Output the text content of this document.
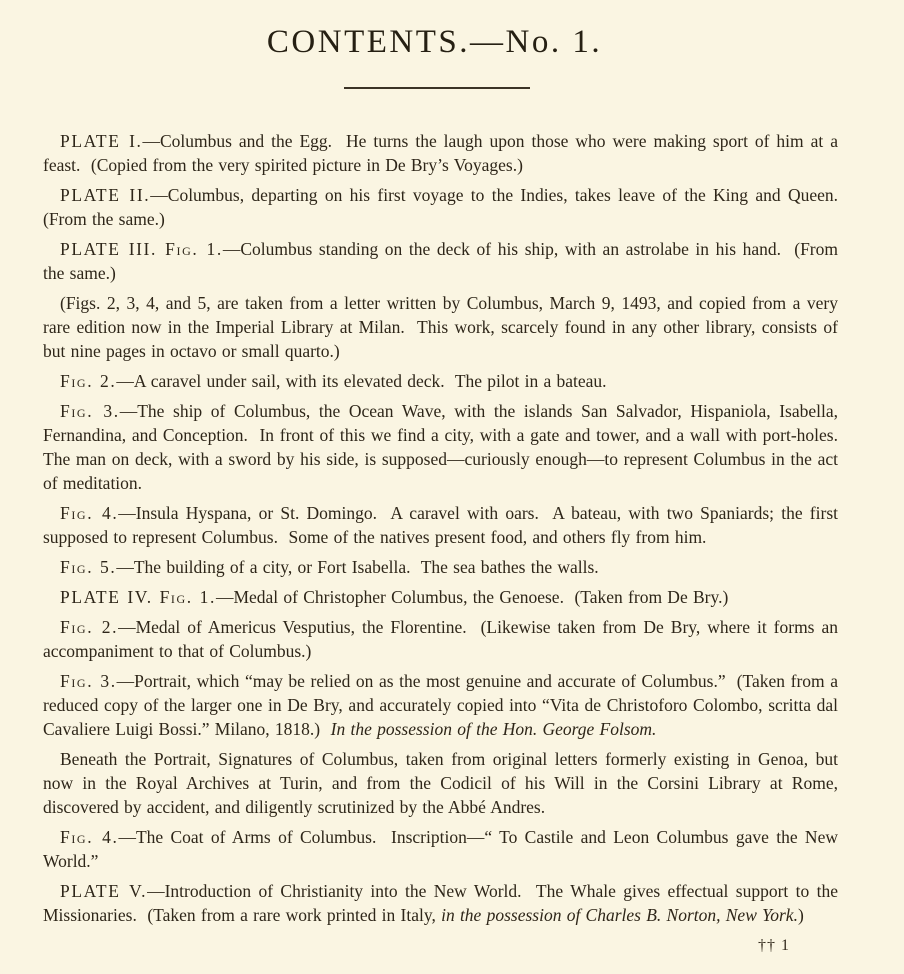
CONTENTS.—No. 1.

PLATE I.—Columbus and the Egg.  He turns the laugh upon those who were making sport of him at a feast.  (Copied from the very spirited picture in De Bry’s Voyages.)

PLATE II.—Columbus, departing on his first voyage to the Indies, takes leave of the King and Queen. (From the same.)

PLATE III. Fig. 1.—Columbus standing on the deck of his ship, with an astrolabe in his hand.  (From the same.)

(Figs. 2, 3, 4, and 5, are taken from a letter written by Columbus, March 9, 1493, and copied from a very rare edition now in the Imperial Library at Milan.  This work, scarcely found in any other library, consists of but nine pages in octavo or small quarto.)

Fig. 2.—A caravel under sail, with its elevated deck.  The pilot in a bateau.

Fig. 3.—The ship of Columbus, the Ocean Wave, with the islands San Salvador, Hispaniola, Isabella, Fernandina, and Conception.  In front of this we find a city, with a gate and tower, and a wall with port-holes.  The man on deck, with a sword by his side, is supposed—curiously enough—to represent Columbus in the act of meditation.

Fig. 4.—Insula Hyspana, or St. Domingo.  A caravel with oars.  A bateau, with two Spaniards; the first supposed to represent Columbus.  Some of the natives present food, and others fly from him.

Fig. 5.—The building of a city, or Fort Isabella.  The sea bathes the walls.

PLATE IV. Fig. 1.—Medal of Christopher Columbus, the Genoese.  (Taken from De Bry.)

Fig. 2.—Medal of Americus Vesputius, the Florentine.  (Likewise taken from De Bry, where it forms an accompaniment to that of Columbus.)

Fig. 3.—Portrait, which “may be relied on as the most genuine and accurate of Columbus.”  (Taken from a reduced copy of the larger one in De Bry, and accurately copied into “Vita de Christoforo Colombo, scritta dal Cavaliere Luigi Bossi.” Milano, 1818.)  In the possession of the Hon. George Folsom.

Beneath the Portrait, Signatures of Columbus, taken from original letters formerly existing in Genoa, but now in the Royal Archives at Turin, and from the Codicil of his Will in the Corsini Library at Rome, discovered by accident, and diligently scrutinized by the Abbé Andres.

Fig. 4.—The Coat of Arms of Columbus.  Inscription—“ To Castile and Leon Columbus gave the New World.”

PLATE V.—Introduction of Christianity into the New World.  The Whale gives effectual support to the Missionaries.  (Taken from a rare work printed in Italy, in the possession of Charles B. Norton, New York.)

†† 1
